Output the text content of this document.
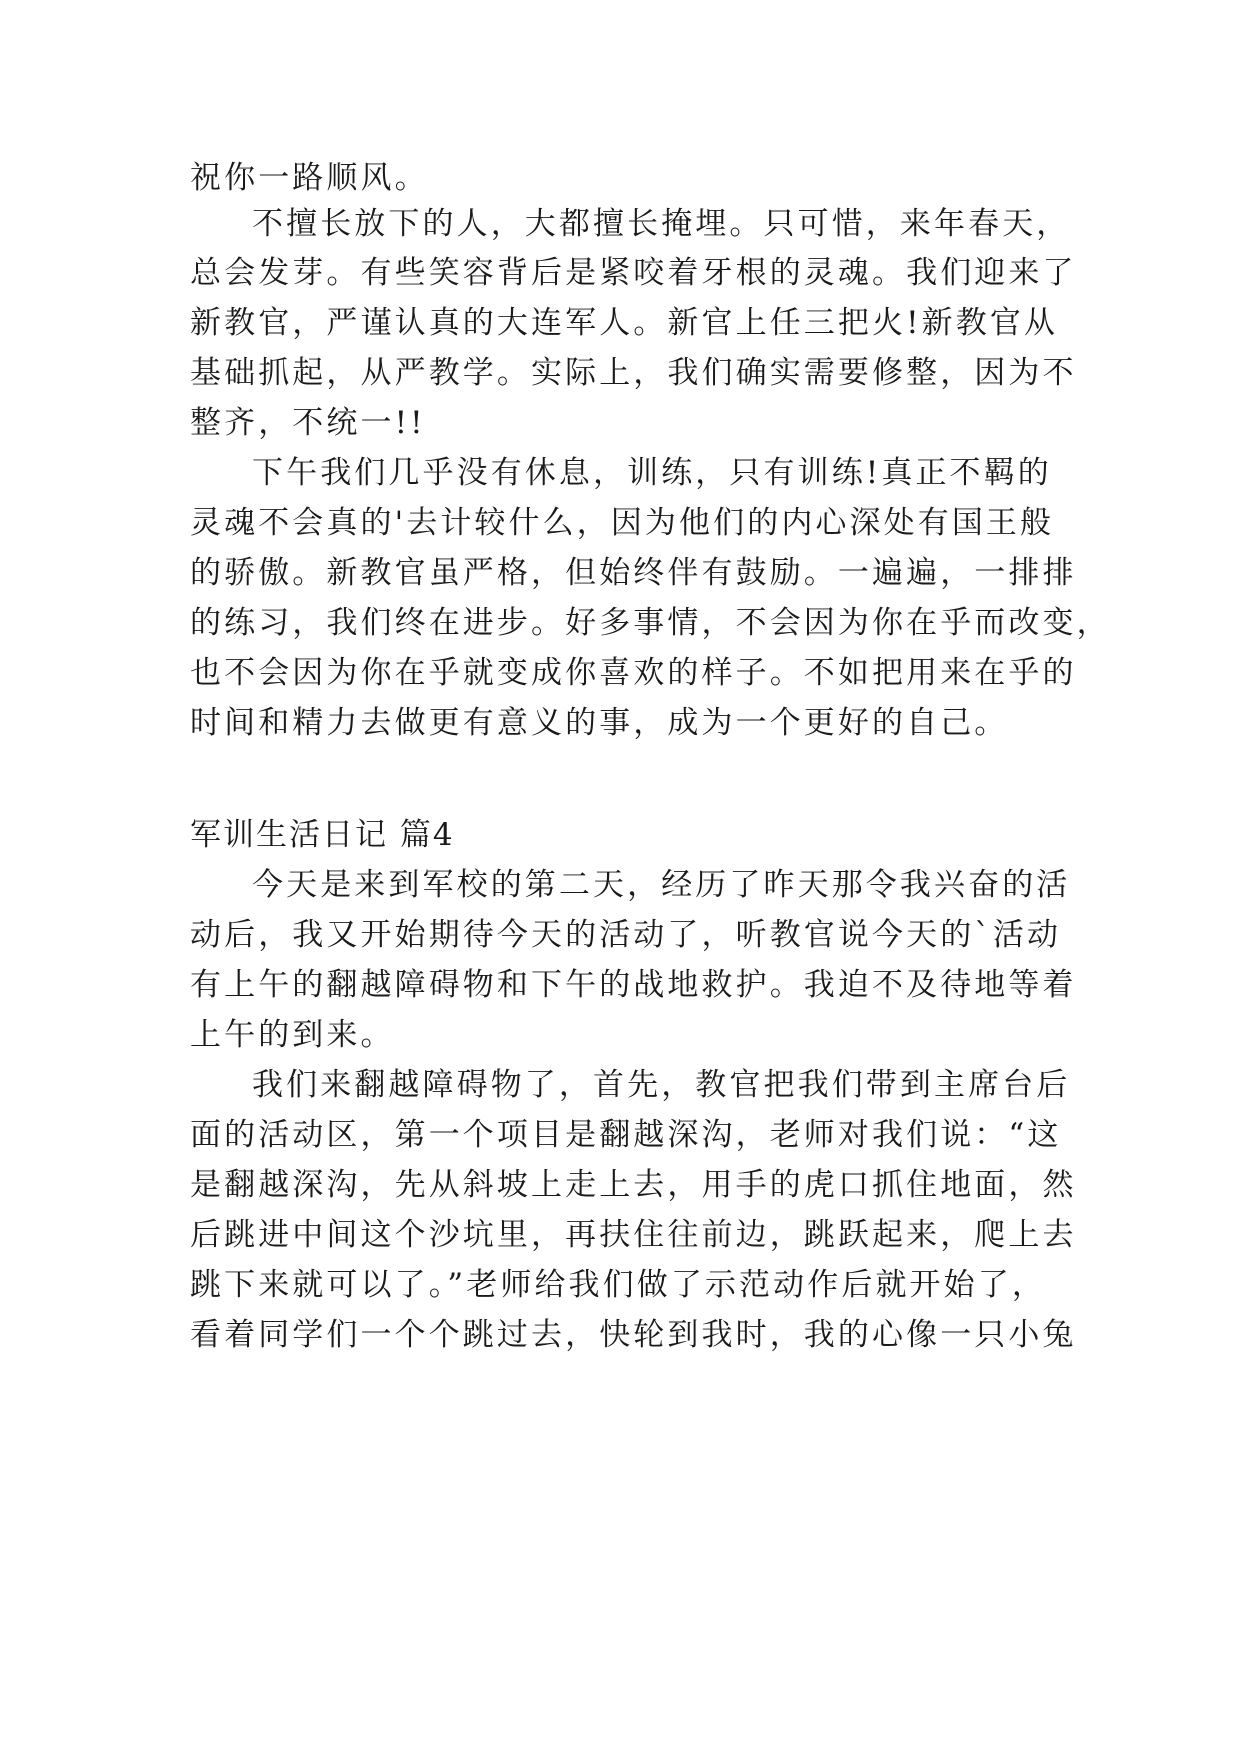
祝你一路顺风。
不擅长放下的人，大都擅长掩埋。只可惜，来年春天，
总会发芽。有些笑容背后是紧咬着牙根的灵魂。我们迎来了
新教官，严谨认真的大连军人。新官上任三把火!新教官从
基础抓起，从严教学。实际上，我们确实需要修整，因为不
整齐，不统一!!
下午我们几乎没有休息，训练，只有训练!真正不羁的
灵魂不会真的'去计较什么，因为他们的内心深处有国王般
的骄傲。新教官虽严格，但始终伴有鼓励。一遍遍，一排排
的练习，我们终在进步。好多事情，不会因为你在乎而改变，
也不会因为你在乎就变成你喜欢的样子。不如把用来在乎的
时间和精力去做更有意义的事，成为一个更好的自己。
军训生活日记 篇4
今天是来到军校的第二天，经历了昨天那令我兴奋的活
动后，我又开始期待今天的活动了，听教官说今天的`活动
有上午的翻越障碍物和下午的战地救护。我迫不及待地等着
上午的到来。
我们来翻越障碍物了，首先，教官把我们带到主席台后
面的活动区，第一个项目是翻越深沟，老师对我们说：“这
是翻越深沟，先从斜坡上走上去，用手的虎口抓住地面，然
后跳进中间这个沙坑里，再扶住往前边，跳跃起来，爬上去
跳下来就可以了。”老师给我们做了示范动作后就开始了，
看着同学们一个个跳过去，快轮到我时，我的心像一只小兔
